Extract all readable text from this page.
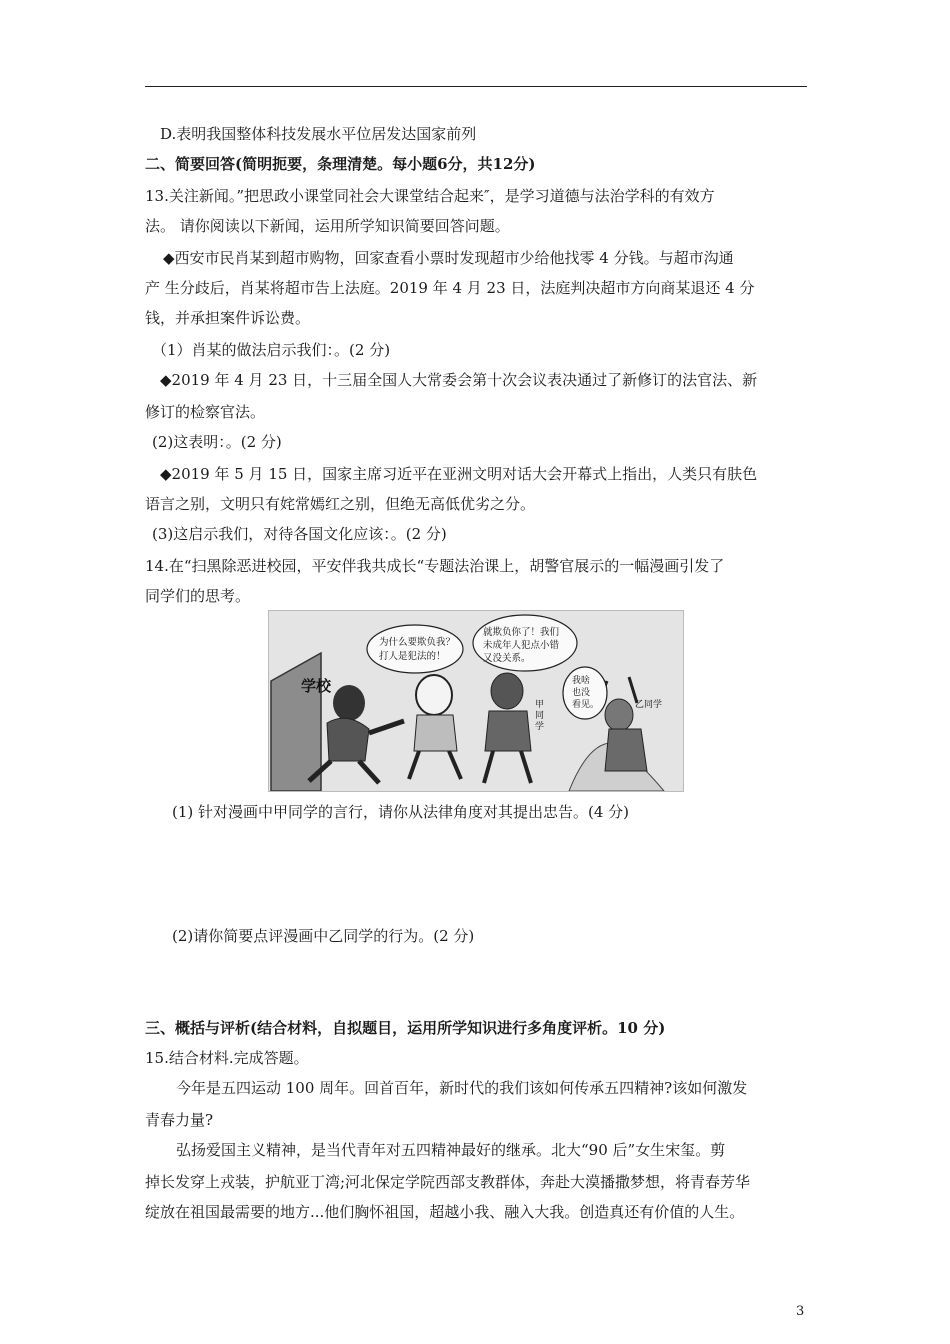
D.表明我国整体科技发展水平位居发达国家前列
二、简要回答(简明扼要，条理清楚。每小题6分，共12分)
13.关注新闻。”把思政小课堂同社会大课堂结合起来″，是学习道德与法治学科的有效方
法。 请你阅读以下新闻，运用所学知识简要回答问题。
◆西安市民肖某到超市购物，回家查看小票时发现超市少给他找零 4 分钱。与超市沟通
产 生分歧后，肖某将超市告上法庭。2019 年 4 月 23 日，法庭判决超市方向商某退还 4 分
钱，并承担案件诉讼费。
（1）肖某的做法启示我们：。(2 分)
◆2019 年 4 月 23 日，十三届全国人大常委会第十次会议表决通过了新修订的法官法、新
修订的检察官法。
(2)这表明：。(2 分)
◆2019 年 5 月 15 日，国家主席习近平在亚洲文明对话大会开幕式上指出，人类只有肤色
语言之别，文明只有姹常嫣红之别，但绝无高低优劣之分。
(3)这启示我们，对待各国文化应该：。(2 分)
14.在“扫黑除恶进校园，平安伴我共成长“专题法治课上，胡警官展示的一幅漫画引发了
同学们的思考。
学校
为什么要欺负我？
打人是犯法的！
就欺负你了！我们
未成年人犯点小错
又没关系。
我啥
也没
看见。
甲
同
学
乙同学
(1) 针对漫画中甲同学的言行，请你从法律角度对其提出忠告。(4 分)
(2)请你简要点评漫画中乙同学的行为。(2 分)
三、概括与评析(结合材料，自拟题目，运用所学知识进行多角度评析。10 分)
15.结合材料.完成答题。
今年是五四运动 100 周年。回首百年，新时代的我们该如何传承五四精神?该如何激发
青春力量?
弘扬爱国主义精神，是当代青年对五四精神最好的继承。北大“90 后”女生宋玺。剪
掉长发穿上戎装，护航亚丁湾;河北保定学院西部支教群体，奔赴大漠播撒梦想，将青春芳华
绽放在祖国最需要的地方...他们胸怀祖国，超越小我、融入大我。创造真还有价值的人生。
3
